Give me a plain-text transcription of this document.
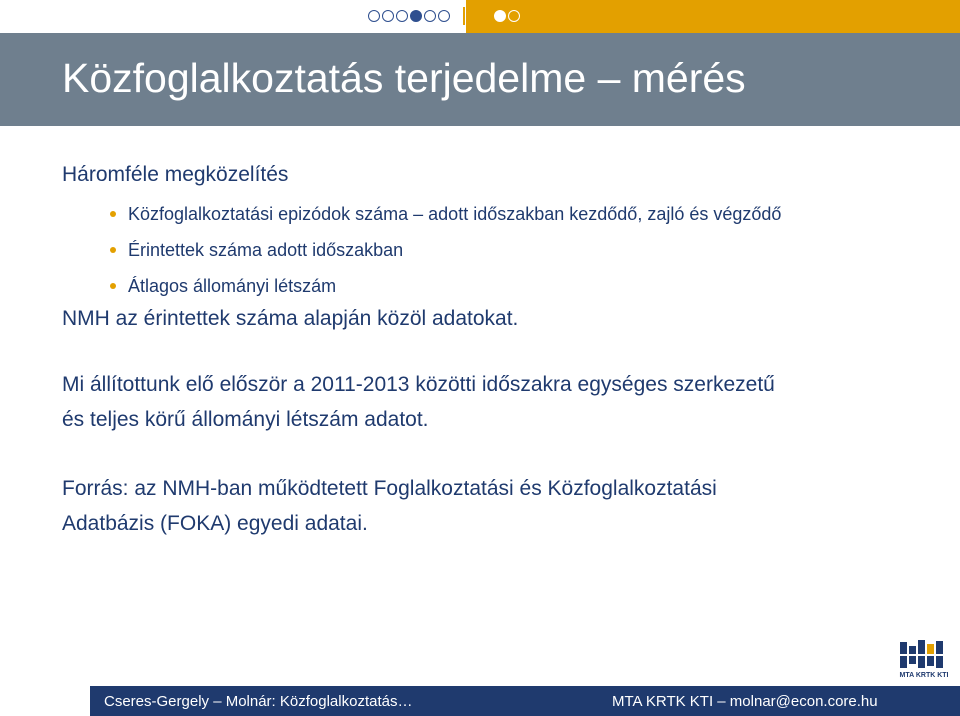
Közfoglalkoztatás terjedelme – mérés

Háromféle megközelítés

Közfoglalkoztatási epizódok száma – adott időszakban kezdődő, zajló és végződő
Érintettek száma adott időszakban
Átlagos állományi létszám

NMH az érintettek száma alapján közöl adatokat.

Mi állítottunk elő először a 2011-2013 közötti időszakra egységes szerkezetű

és teljes körű állományi létszám adatot.

Forrás: az NMH-ban működtetett Foglalkoztatási és Közfoglalkoztatási

Adatbázis (FOKA) egyedi adatai.

MTA KRTK KTI
Cseres-Gergely – Molnár: Közfoglalkoztatás…	MTA KRTK KTI – molnar@econ.core.hu
